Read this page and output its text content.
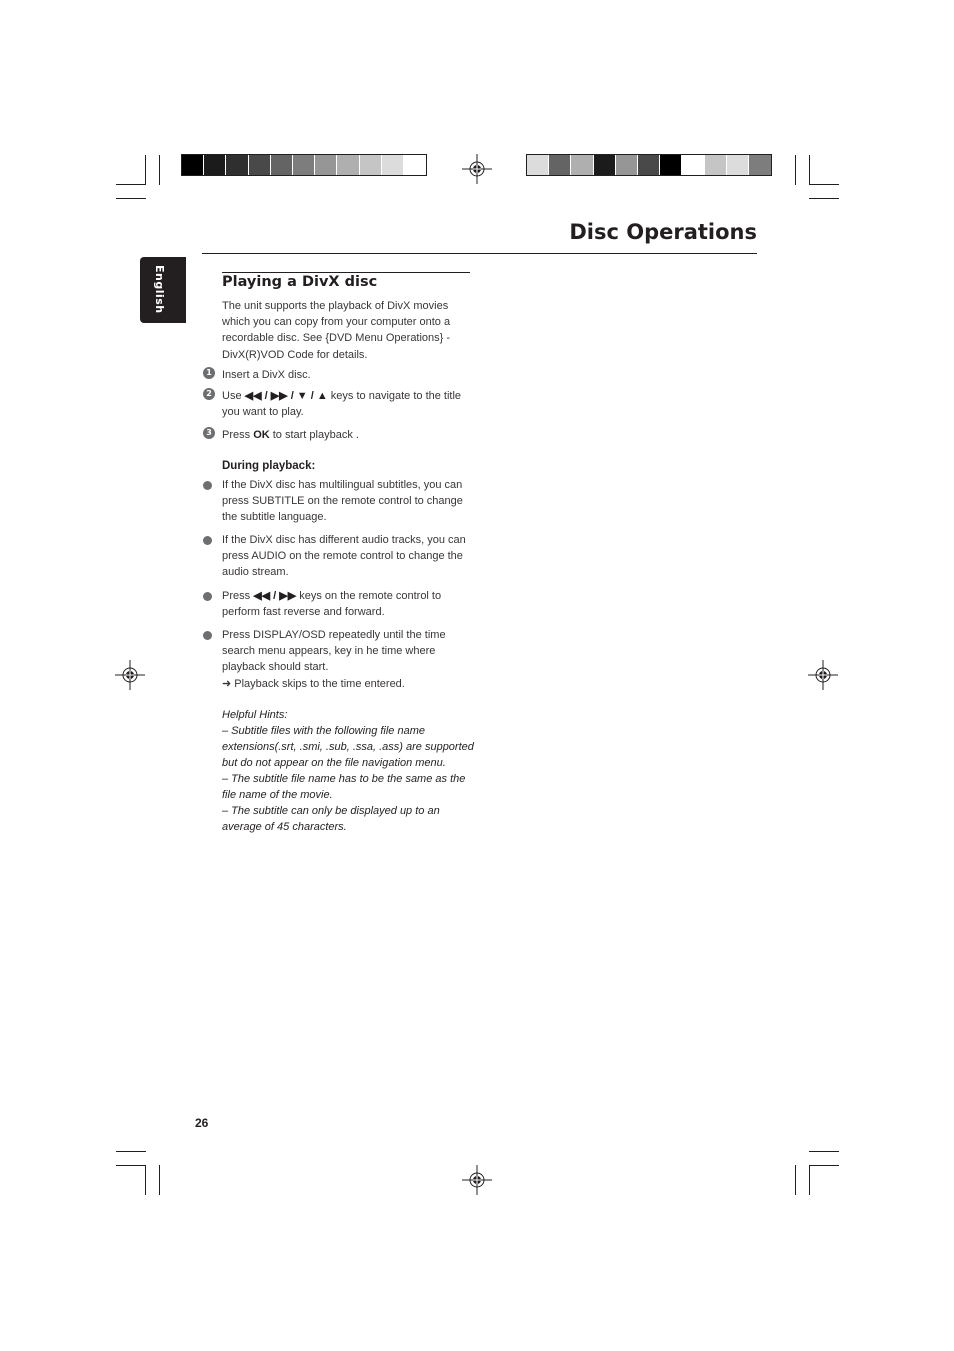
Disc Operations
English	Playing a DivX disc
The unit supports the playback of DivX movies which you can copy from your computer onto a recordable disc. See {DVD Menu Operations} - DivX(R)VOD Code for details.
1 Insert a DivX disc.
2 Use ◀◀ / ▶▶ / ▼ / ▲ keys to navigate to the title you want to play.
3 Press OK to start playback .
During playback:
If the DivX disc has multilingual subtitles, you can press SUBTITLE on the remote control to change the subtitle language.
If the DivX disc has different audio tracks, you can press AUDIO on the remote control to change the audio stream.
Press ◀◀ / ▶▶ keys on the remote control to perform fast reverse and forward.
Press DISPLAY/OSD repeatedly until the time search menu appears, key in he time where playback should start.
➜ Playback skips to the time entered.
Helpful Hints:
– Subtitle files with the following file name extensions(.srt, .smi, .sub, .ssa, .ass) are supported but do not appear on the file navigation menu.
– The subtitle file name has to be the same as the file name of the movie.
– The subtitle can only be displayed up to an average of 45 characters.
26
